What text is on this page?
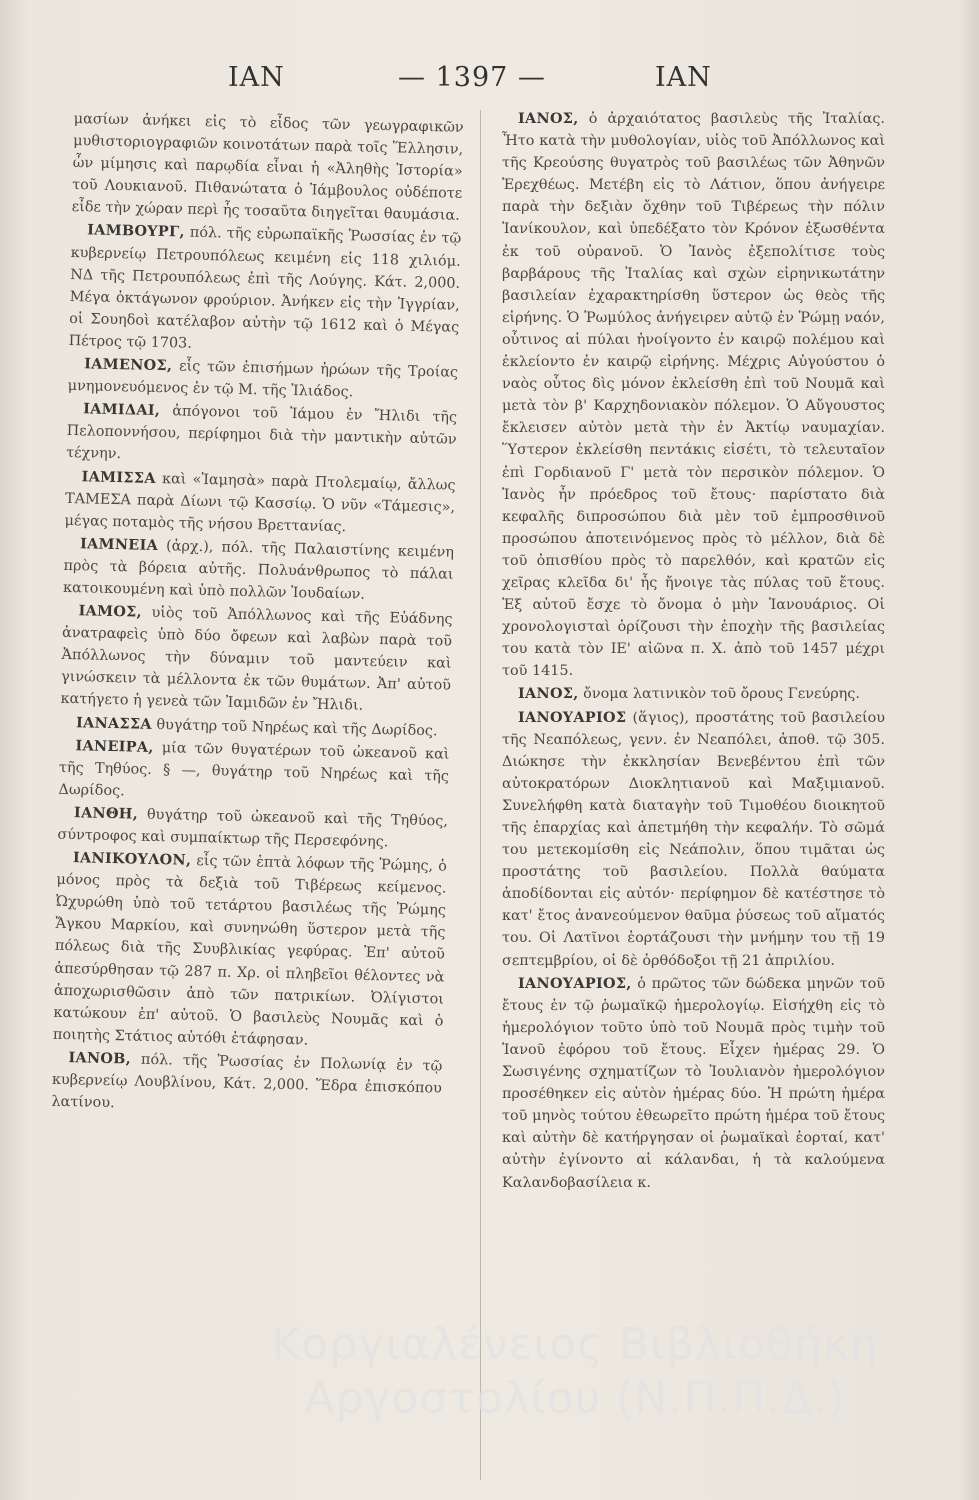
ΙΑΝ	— 1397 —	ΙΑΝ

μασίων ἀνήκει εἰς τὸ εἶδος τῶν γεωγραφικῶν μυθιστοριογραφιῶν κοινοτάτων παρὰ τοῖς Ἕλλησιν, ὧν μίμησις καὶ παρῳδία εἶναι ἡ «Ἀληθὴς Ἱστορία» τοῦ Λουκιανοῦ. Πιθανώτατα ὁ Ἰάμβουλος οὐδέποτε εἶδε τὴν χώραν περὶ ἧς τοσαῦτα διηγεῖται θαυμάσια.

ΙΑΜΒΟΥΡΓ, πόλ. τῆς εὐρωπαϊκῆς Ῥωσσίας ἐν τῷ κυβερνείῳ Πετρουπόλεως κειμένη εἰς 118 χιλιόμ. ΝΔ τῆς Πετρουπόλεως ἐπὶ τῆς Λούγης. Κάτ. 2,000. Μέγα ὀκτάγωνον φρούριον. Ἀνήκεν εἰς τὴν Ἰγγρίαν, οἱ Σουηδοὶ κατέλαβον αὐτὴν τῷ 1612 καὶ ὁ Μέγας Πέτρος τῷ 1703.

ΙΑΜΕΝΟΣ, εἷς τῶν ἐπισήμων ἡρώων τῆς Τροίας μνημονευόμενος ἐν τῷ Μ. τῆς Ἰλιάδος.

ΙΑΜΙΔΑΙ, ἀπόγονοι τοῦ Ἰάμου ἐν Ἤλιδι τῆς Πελοποννήσου, περίφημοι διὰ τὴν μαντικὴν αὐτῶν τέχνην.

ΙΑΜΙΣΣΑ καὶ «Ἰαμησὰ» παρὰ Πτολεμαίῳ, ἄλλως ΤΑΜΕΣΑ παρὰ Δίωνι τῷ Κασσίῳ. Ὁ νῦν «Τάμεσις», μέγας ποταμὸς τῆς νήσου Βρεττανίας.

ΙΑΜΝΕΙΑ (ἀρχ.), πόλ. τῆς Παλαιστίνης κειμένη πρὸς τὰ βόρεια αὐτῆς. Πολυάνθρωπος τὸ πάλαι κατοικουμένη καὶ ὑπὸ πολλῶν Ἰουδαίων.

ΙΑΜΟΣ, υἱὸς τοῦ Ἀπόλλωνος καὶ τῆς Εὐάδνης ἀνατραφεὶς ὑπὸ δύο ὄφεων καὶ λαβὼν παρὰ τοῦ Ἀπόλλωνος τὴν δύναμιν τοῦ μαντεύειν καὶ γινώσκειν τὰ μέλλοντα ἐκ τῶν θυμάτων. Ἀπ' αὐτοῦ κατήγετο ἡ γενεὰ τῶν Ἰαμιδῶν ἐν Ἤλιδι.

ΙΑΝΑΣΣΑ θυγάτηρ τοῦ Νηρέως καὶ τῆς Δωρίδος.

ΙΑΝΕΙΡΑ, μία τῶν θυγατέρων τοῦ ὠκεανοῦ καὶ τῆς Τηθύος. § —, θυγάτηρ τοῦ Νηρέως καὶ τῆς Δωρίδος.

ΙΑΝΘΗ, θυγάτηρ τοῦ ὠκεανοῦ καὶ τῆς Τηθύος, σύντροφος καὶ συμπαίκτωρ τῆς Περσεφόνης.

ΙΑΝΙΚΟΥΛΟΝ, εἷς τῶν ἑπτὰ λόφων τῆς Ῥώμης, ὁ μόνος πρὸς τὰ δεξιὰ τοῦ Τιβέρεως κείμενος. Ὠχυρώθη ὑπὸ τοῦ τετάρτου βασιλέως τῆς Ῥώμης Ἄγκου Μαρκίου, καὶ συνηνώθη ὕστερον μετὰ τῆς πόλεως διὰ τῆς Συυβλικίας γεφύρας. Ἐπ' αὐτοῦ ἀπεσύρθησαν τῷ 287 π. Χρ. οἱ πληβεῖοι θέλοντες νὰ ἀποχωρισθῶσιν ἀπὸ τῶν πατρικίων. Ὀλίγιστοι κατώκουν ἐπ' αὐτοῦ. Ὁ βασιλεὺς Νουμᾶς καὶ ὁ ποιητὴς Στάτιος αὐτόθι ἐτάφησαν.

ΙΑΝΟΒ, πόλ. τῆς Ῥωσσίας ἐν Πολωνίᾳ ἐν τῷ κυβερνείῳ Λουβλίνου, Κάτ. 2,000. Ἕδρα ἐπισκόπου λατίνου.

ΙΑΝΟΣ, ὁ ἀρχαιότατος βασιλεὺς τῆς Ἰταλίας. Ἦτο κατὰ τὴν μυθολογίαν, υἱὸς τοῦ Ἀπόλλωνος καὶ τῆς Κρεούσης θυγατρὸς τοῦ βασιλέως τῶν Ἀθηνῶν Ἐρεχθέως. Μετέβη εἰς τὸ Λάτιον, ὅπου ἀνήγειρε παρὰ τὴν δεξιὰν ὄχθην τοῦ Τιβέρεως τὴν πόλιν Ἰανίκουλον, καὶ ὑπεδέξατο τὸν Κρόνον ἐξωσθέντα ἐκ τοῦ οὐρανοῦ. Ὁ Ἰανὸς ἐξεπολίτισε τοὺς βαρβάρους τῆς Ἰταλίας καὶ σχὼν εἰρηνικωτάτην βασιλείαν ἐχαρακτηρίσθη ὕστερον ὡς θεὸς τῆς εἰρήνης. Ὁ Ῥωμύλος ἀνήγειρεν αὐτῷ ἐν Ῥώμῃ ναόν, οὗτινος αἱ πύλαι ἠνοίγοντο ἐν καιρῷ πολέμου καὶ ἐκλείοντο ἐν καιρῷ εἰρήνης. Μέχρις Αὐγούστου ὁ ναὸς οὗτος δὶς μόνον ἐκλείσθη ἐπὶ τοῦ Νουμᾶ καὶ μετὰ τὸν β' Καρχηδονιακὸν πόλεμον. Ὁ Αὔγουστος ἔκλεισεν αὐτὸν μετὰ τὴν ἐν Ἀκτίῳ ναυμαχίαν. Ὕστερον ἐκλείσθη πεντάκις εἰσέτι, τὸ τελευταῖον ἐπὶ Γορδιανοῦ Γ' μετὰ τὸν περσικὸν πόλεμον. Ὁ Ἰανὸς ἦν πρόεδρος τοῦ ἔτους· παρίστατο διὰ κεφαλῆς διπροσώπου διὰ μὲν τοῦ ἐμπροσθινοῦ προσώπου ἀποτεινόμενος πρὸς τὸ μέλλον, διὰ δὲ τοῦ ὀπισθίου πρὸς τὸ παρελθόν, καὶ κρατῶν εἰς χεῖρας κλεῖδα δι' ἧς ἤνοιγε τὰς πύλας τοῦ ἔτους. Ἐξ αὐτοῦ ἔσχε τὸ ὄνομα ὁ μὴν Ἰανουάριος. Οἱ χρονολογισταὶ ὁρίζουσι τὴν ἐποχὴν τῆς βασιλείας του κατὰ τὸν ΙΕ' αἰῶνα π. Χ. ἀπὸ τοῦ 1457 μέχρι τοῦ 1415.

ΙΑΝΟΣ, ὄνομα λατινικὸν τοῦ ὄρους Γενεύρης.

ΙΑΝΟΥΑΡΙΟΣ (ἅγιος), προστάτης τοῦ βασιλείου τῆς Νεαπόλεως, γενν. ἐν Νεαπόλει, ἀποθ. τῷ 305. Διώκησε τὴν ἐκκλησίαν Βενεβέντου ἐπὶ τῶν αὐτοκρατόρων Διοκλητιανοῦ καὶ Μαξιμιανοῦ. Συνελήφθη κατὰ διαταγὴν τοῦ Τιμοθέου διοικητοῦ τῆς ἐπαρχίας καὶ ἀπετμήθη τὴν κεφαλήν. Τὸ σῶμά του μετεκομίσθη εἰς Νεάπολιν, ὅπου τιμᾶται ὡς προστάτης τοῦ βασιλείου. Πολλὰ θαύματα ἀποδίδονται εἰς αὐτόν· περίφημον δὲ κατέστησε τὸ κατ' ἔτος ἀνανεούμενον θαῦμα ῥύσεως τοῦ αἵματός του. Οἱ Λατῖνοι ἑορτάζουσι τὴν μνήμην του τῇ 19 σεπτεμβρίου, οἱ δὲ ὀρθόδοξοι τῇ 21 ἀπριλίου.

ΙΑΝΟΥΑΡΙΟΣ, ὁ πρῶτος τῶν δώδεκα μηνῶν τοῦ ἔτους ἐν τῷ ῥωμαϊκῷ ἡμερολογίῳ. Εἰσήχθη εἰς τὸ ἡμερολόγιον τοῦτο ὑπὸ τοῦ Νουμᾶ πρὸς τιμὴν τοῦ Ἰανοῦ ἐφόρου τοῦ ἔτους. Εἶχεν ἡμέρας 29. Ὁ Σωσιγένης σχηματίζων τὸ Ἰουλιανὸν ἡμερολόγιον προσέθηκεν εἰς αὐτὸν ἡμέρας δύο. Ἡ πρώτη ἡμέρα τοῦ μηνὸς τούτου ἐθεωρεῖτο πρώτη ἡμέρα τοῦ ἔτους καὶ αὐτὴν δὲ κατήργησαν οἱ ῥωμαϊκαὶ ἑορταί, κατ' αὐτὴν ἐγίνοντο αἱ κάλανδαι, ἡ τὰ καλούμενα Καλανδοβασίλεια κ.

Κοργιαλένειος Βιβλιοθήκη
Αργοστολίου (Ν.Π.Π.Δ.)
